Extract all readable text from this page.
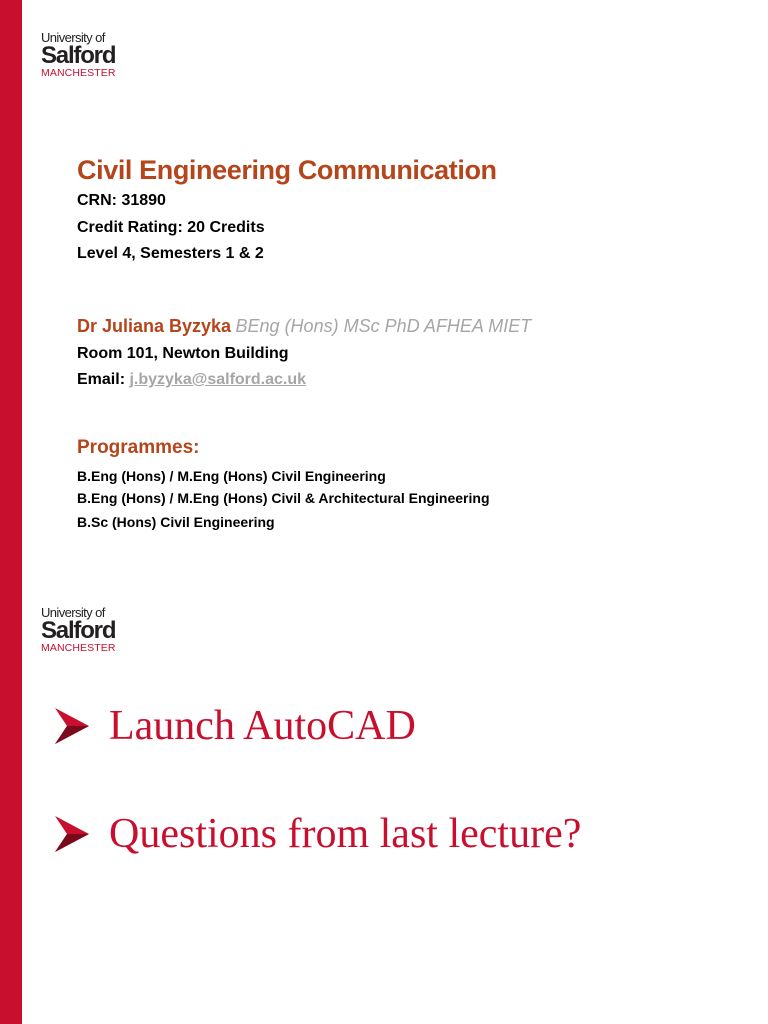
University of
Salford
MANCHESTER
Civil Engineering Communication
CRN: 31890
Credit Rating: 20 Credits
Level 4, Semesters 1 & 2
Dr Juliana Byzyka BEng (Hons) MSc PhD AFHEA MIET
Room 101, Newton Building
Email: j.byzyka@salford.ac.uk
Programmes:
B.Eng (Hons) / M.Eng (Hons) Civil Engineering
B.Eng (Hons) / M.Eng (Hons) Civil & Architectural Engineering
B.Sc (Hons) Civil Engineering
University of
Salford
MANCHESTER
Launch AutoCAD
Questions from last lecture?
